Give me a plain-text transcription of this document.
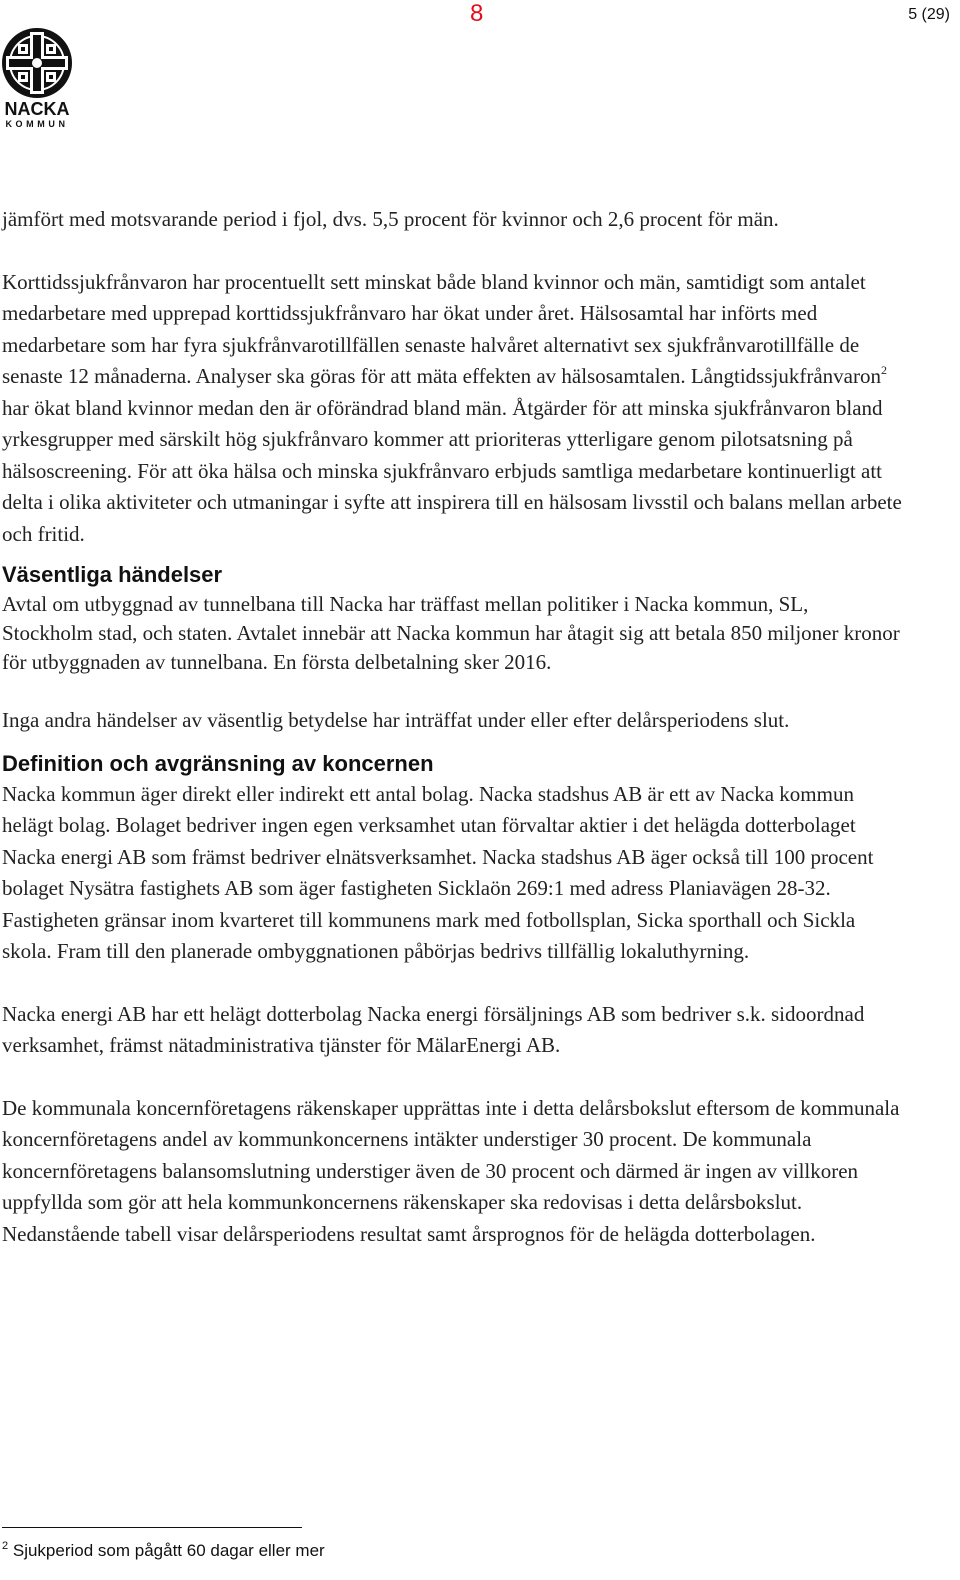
8	5 (29)
NACKA
KOMMUN

jämfört med motsvarande period i fjol, dvs. 5,5 procent för kvinnor och 2,6 procent för män.

Korttidssjukfrånvaron har procentuellt sett minskat både bland kvinnor och män, samtidigt som antalet medarbetare med upprepad korttidssjukfrånvaro har ökat under året. Hälsosamtal har införts med medarbetare som har fyra sjukfrånvarotillfällen senaste halvåret alternativt sex sjukfrånvarotillfälle de senaste 12 månaderna. Analyser ska göras för att mäta effekten av hälsosamtalen. Långtidssjukfrånvaron$^2$ har ökat bland kvinnor medan den är oförändrad bland män. Åtgärder för att minska sjukfrånvaron bland yrkesgrupper med särskilt hög sjukfrånvaro kommer att prioriteras ytterligare genom pilotsatsning på hälsoscreening. För att öka hälsa och minska sjukfrånvaro erbjuds samtliga medarbetare kontinuerligt att delta i olika aktiviteter och utmaningar i syfte att inspirera till en hälsosam livsstil och balans mellan arbete och fritid.

Väsentliga händelser

Avtal om utbyggnad av tunnelbana till Nacka har träffast mellan politiker i Nacka kommun, SL, Stockholm stad, och staten. Avtalet innebär att Nacka kommun har åtagit sig att betala 850 miljoner kronor för utbyggnaden av tunnelbana. En första delbetalning sker 2016.

Inga andra händelser av väsentlig betydelse har inträffat under eller efter delårsperiodens slut.

Definition och avgränsning av koncernen

Nacka kommun äger direkt eller indirekt ett antal bolag. Nacka stadshus AB är ett av Nacka kommun helägt bolag. Bolaget bedriver ingen egen verksamhet utan förvaltar aktier i det helägda dotterbolaget Nacka energi AB som främst bedriver elnätsverksamhet. Nacka stadshus AB äger också till 100 procent bolaget Nysätra fastighets AB som äger fastigheten Sicklaön 269:1 med adress Planiavägen 28-32. Fastigheten gränsar inom kvarteret till kommunens mark med fotbollsplan, Sicka sporthall och Sickla skola. Fram till den planerade ombyggnationen påbörjas bedrivs tillfällig lokaluthyrning.

Nacka energi AB har ett helägt dotterbolag Nacka energi försäljnings AB som bedriver s.k. sidoordnad verksamhet, främst nätadministrativa tjänster för MälarEnergi AB.

De kommunala koncernföretagens räkenskaper upprättas inte i detta delårsbokslut eftersom de kommunala koncernföretagens andel av kommunkoncernens intäkter understiger 30 procent. De kommunala koncernföretagens balansomslutning understiger även de 30 procent och därmed är ingen av villkoren uppfyllda som gör att hela kommunkoncernens räkenskaper ska redovisas i detta delårsbokslut. Nedanstående tabell visar delårsperiodens resultat samt årsprognos för de helägda dotterbolagen.

$^2$ Sjukperiod som pågått 60 dagar eller mer
